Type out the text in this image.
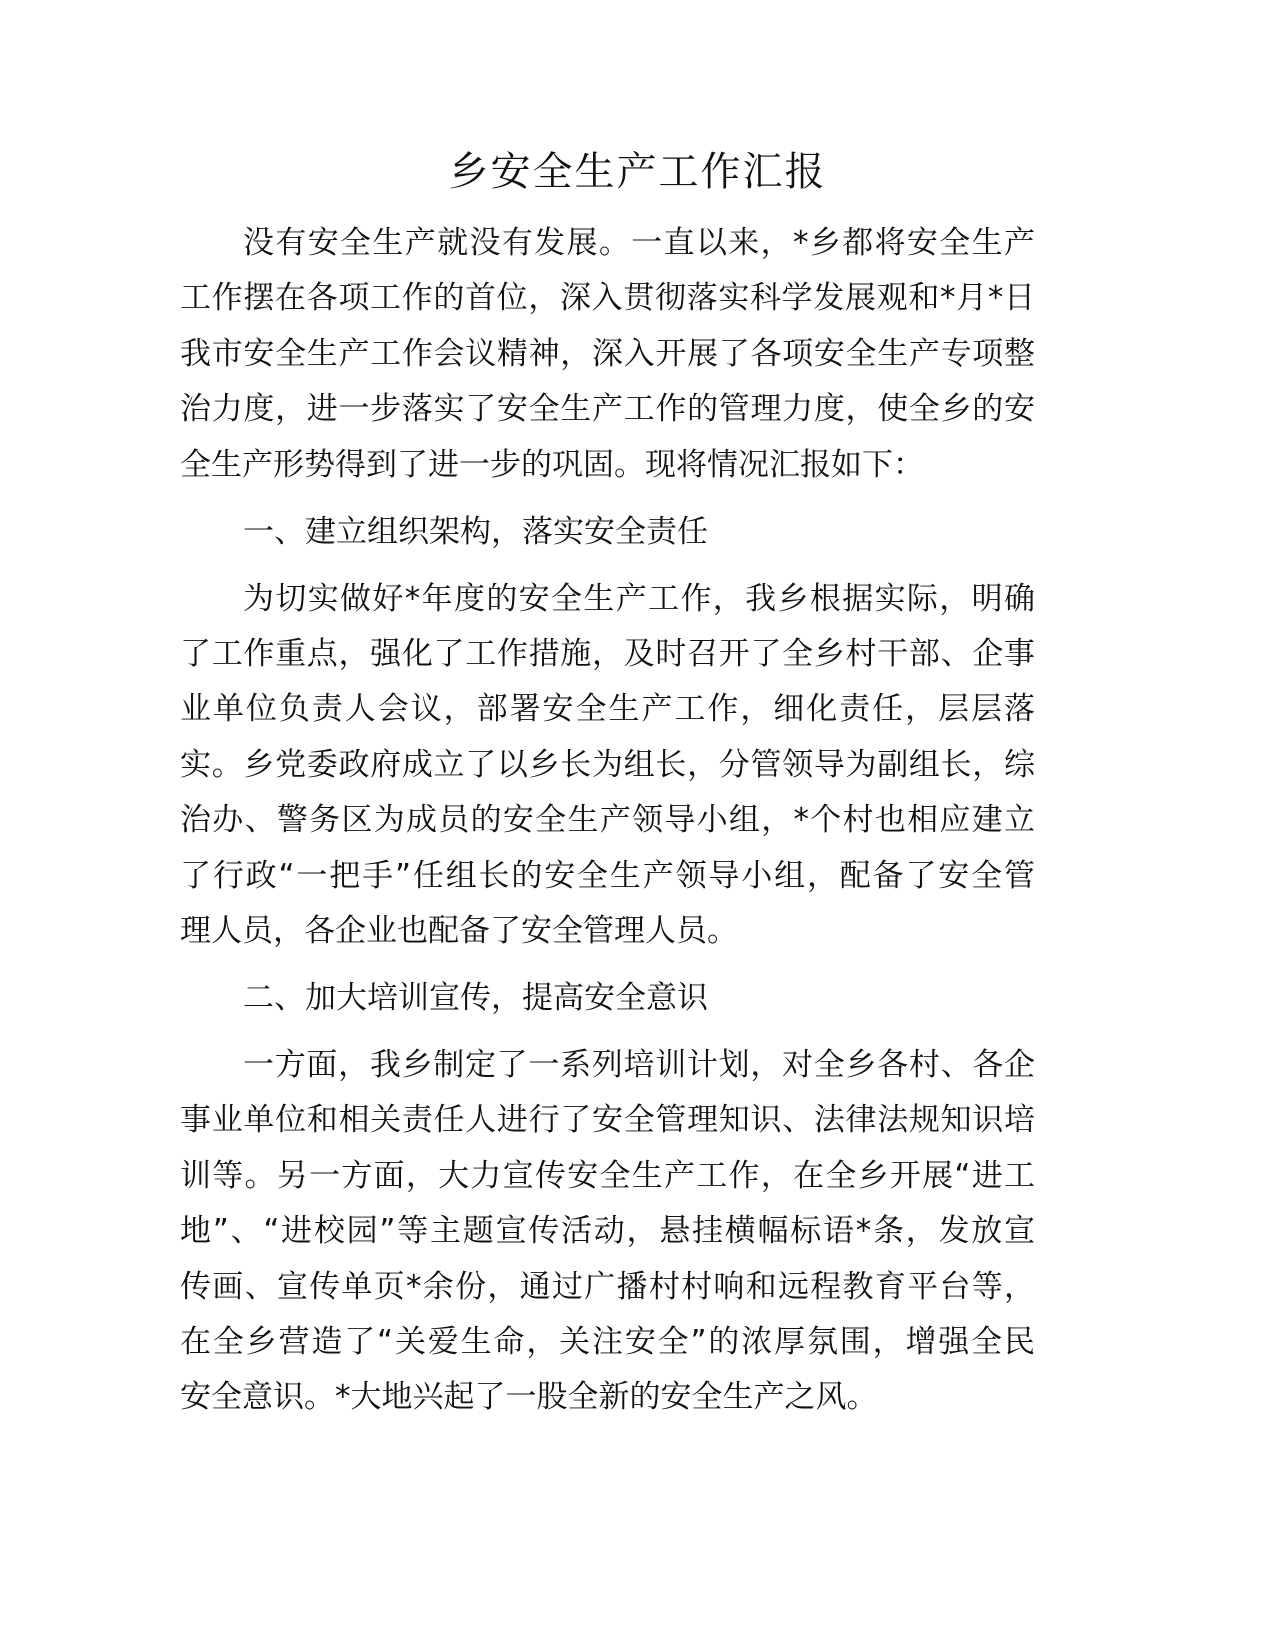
乡安全生产工作汇报
没有安全生产就没有发展。一直以来，*乡都将安全生产
工作摆在各项工作的首位，深入贯彻落实科学发展观和*月*日
我市安全生产工作会议精神，深入开展了各项安全生产专项整
治力度，进一步落实了安全生产工作的管理力度，使全乡的安
全生产形势得到了进一步的巩固。现将情况汇报如下：
一、建立组织架构，落实安全责任
为切实做好*年度的安全生产工作，我乡根据实际，明确
了工作重点，强化了工作措施，及时召开了全乡村干部、企事
业单位负责人会议，部署安全生产工作，细化责任，层层落
实。乡党委政府成立了以乡长为组长，分管领导为副组长，综
治办、警务区为成员的安全生产领导小组，*个村也相应建立
了行政“一把手”任组长的安全生产领导小组，配备了安全管
理人员，各企业也配备了安全管理人员。
二、加大培训宣传，提高安全意识
一方面，我乡制定了一系列培训计划，对全乡各村、各企
事业单位和相关责任人进行了安全管理知识、法律法规知识培
训等。另一方面，大力宣传安全生产工作，在全乡开展“进工
地”、“进校园”等主题宣传活动，悬挂横幅标语*条，发放宣
传画、宣传单页*余份，通过广播村村响和远程教育平台等，
在全乡营造了“关爱生命，关注安全”的浓厚氛围，增强全民
安全意识。*大地兴起了一股全新的安全生产之风。
